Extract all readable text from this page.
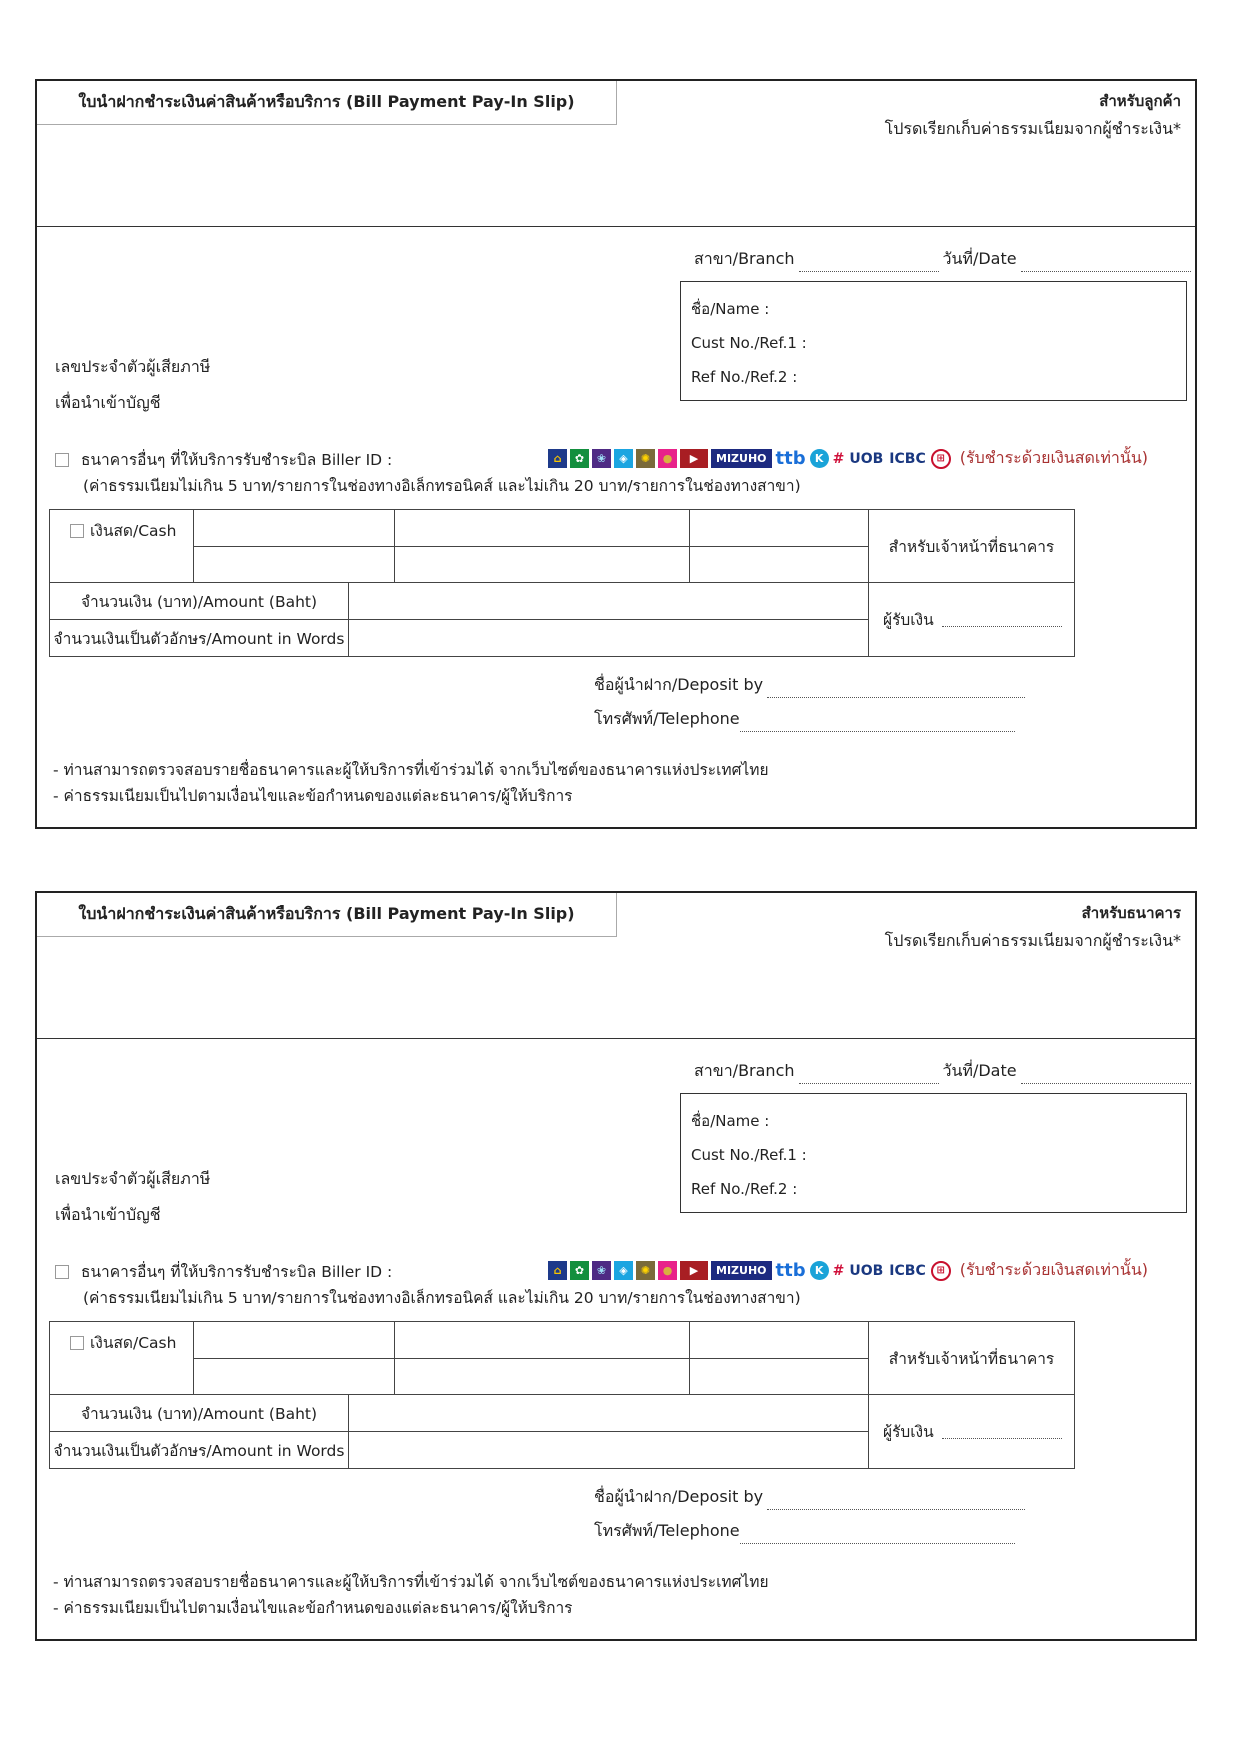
ใบนำฝากชำระเงินค่าสินค้าหรือบริการ (Bill Payment Pay-In Slip)	สำหรับลูกค้า
โปรดเรียกเก็บค่าธรรมเนียมจากผู้ชำระเงิน*
สาขา/Branch	วันที่/Date
ชื่อ/Name :
Cust No./Ref.1 :
Ref No./Ref.2 :
เลขประจำตัวผู้เสียภาษี
เพื่อนำเข้าบัญชี
ธนาคารอื่นๆ ที่ให้บริการรับชำระบิล Biller ID :	⌂	✿	❀	◈	✺	●	▶	MIZUHO ttb K # UOB ICBC	⊞ (รับชำระด้วยเงินสดเท่านั้น)
(ค่าธรรมเนียมไม่เกิน 5 บาท/รายการในช่องทางอิเล็กทรอนิคส์ และไม่เกิน 20 บาท/รายการในช่องทางสาขา)
เงินสด/Cash
สำหรับเจ้าหน้าที่ธนาคาร
จำนวนเงิน (บาท)/Amount (Baht)
จำนวนเงินเป็นตัวอักษร/Amount in Words
ผู้รับเงิน
ชื่อผู้นำฝาก/Deposit by
โทรศัพท์/Telephone
- ท่านสามารถตรวจสอบรายชื่อธนาคารและผู้ให้บริการที่เข้าร่วมได้ จากเว็บไซต์ของธนาคารแห่งประเทศไทย
- ค่าธรรมเนียมเป็นไปตามเงื่อนไขและข้อกำหนดของแต่ละธนาคาร/ผู้ให้บริการ
ใบนำฝากชำระเงินค่าสินค้าหรือบริการ (Bill Payment Pay-In Slip)	สำหรับธนาคาร
โปรดเรียกเก็บค่าธรรมเนียมจากผู้ชำระเงิน*
สาขา/Branch	วันที่/Date
ชื่อ/Name :
Cust No./Ref.1 :
Ref No./Ref.2 :
เลขประจำตัวผู้เสียภาษี
เพื่อนำเข้าบัญชี
ธนาคารอื่นๆ ที่ให้บริการรับชำระบิล Biller ID :	⌂	✿	❀	◈	✺	●	▶	MIZUHO ttb K # UOB ICBC	⊞ (รับชำระด้วยเงินสดเท่านั้น)
(ค่าธรรมเนียมไม่เกิน 5 บาท/รายการในช่องทางอิเล็กทรอนิคส์ และไม่เกิน 20 บาท/รายการในช่องทางสาขา)
เงินสด/Cash
สำหรับเจ้าหน้าที่ธนาคาร
จำนวนเงิน (บาท)/Amount (Baht)
จำนวนเงินเป็นตัวอักษร/Amount in Words
ผู้รับเงิน
ชื่อผู้นำฝาก/Deposit by
โทรศัพท์/Telephone
- ท่านสามารถตรวจสอบรายชื่อธนาคารและผู้ให้บริการที่เข้าร่วมได้ จากเว็บไซต์ของธนาคารแห่งประเทศไทย
- ค่าธรรมเนียมเป็นไปตามเงื่อนไขและข้อกำหนดของแต่ละธนาคาร/ผู้ให้บริการ
